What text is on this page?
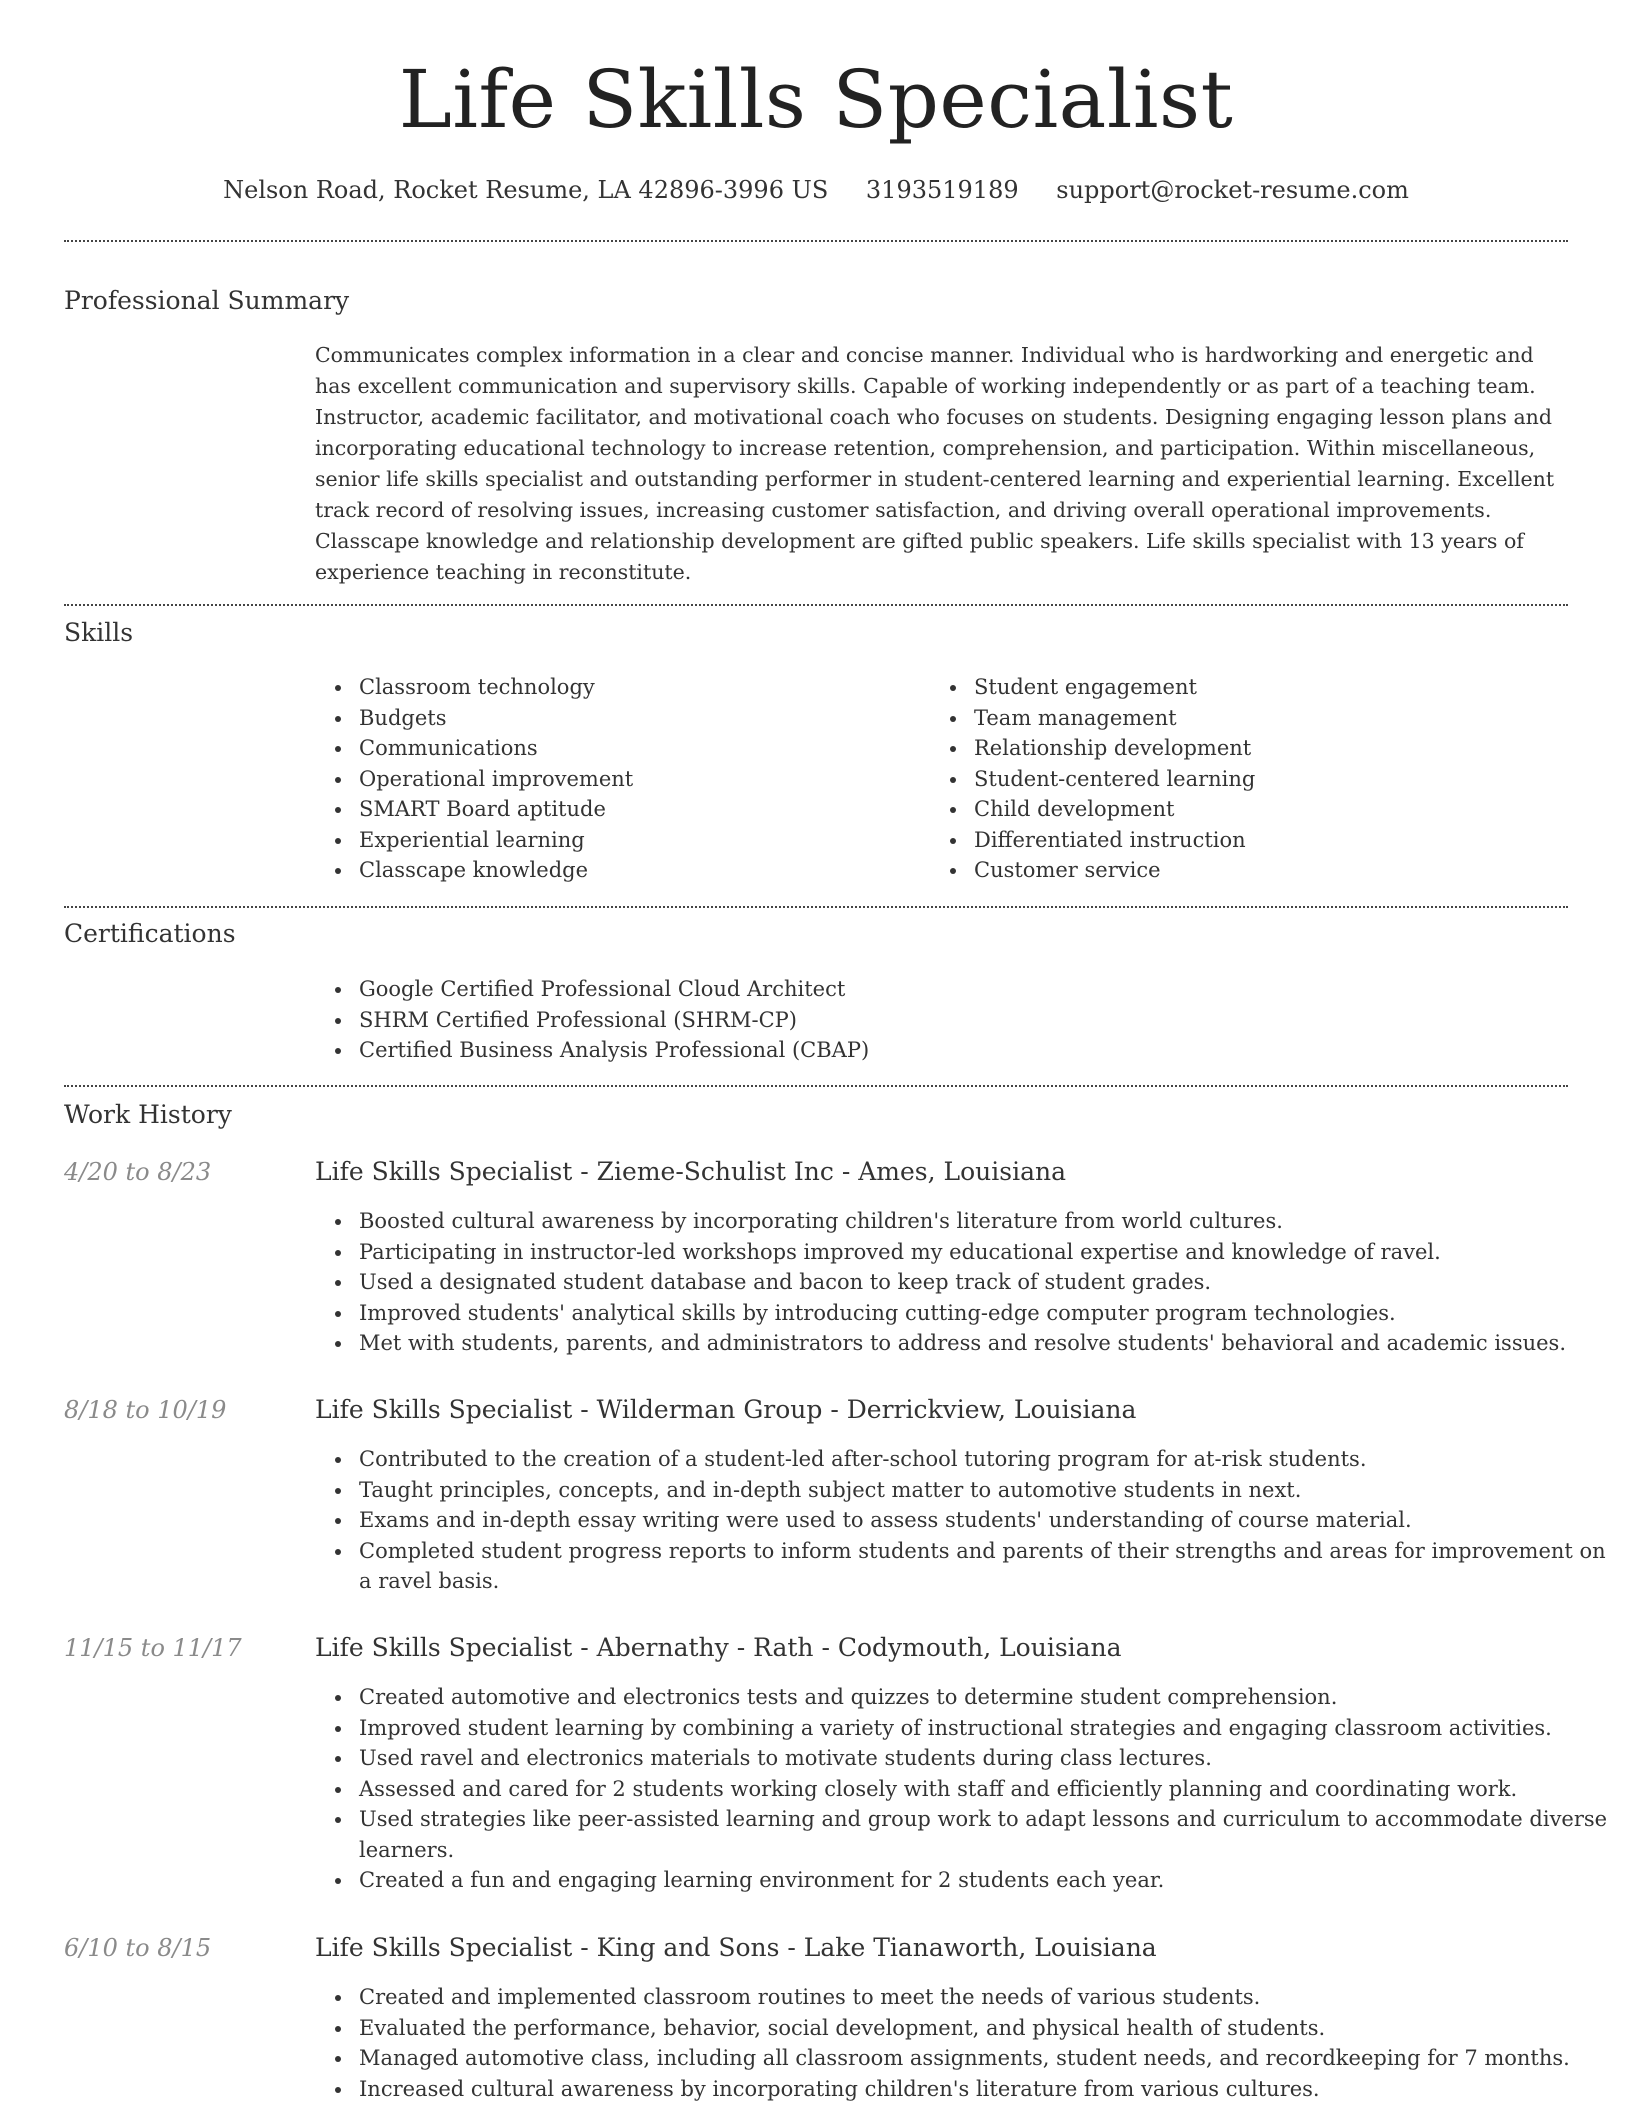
Life Skills Specialist
Nelson Road, Rocket Resume, LA 42896-3996 US 3193519189 support@rocket-resume.com
Professional Summary
Communicates complex information in a clear and concise manner. Individual who is hardworking and energetic and has excellent communication and supervisory skills. Capable of working independently or as part of a teaching team. Instructor, academic facilitator, and motivational coach who focuses on students. Designing engaging lesson plans and incorporating educational technology to increase retention, comprehension, and participation. Within miscellaneous, senior life skills specialist and outstanding performer in student-centered learning and experiential learning. Excellent track record of resolving issues, increasing customer satisfaction, and driving overall operational improvements. Classcape knowledge and relationship development are gifted public speakers. Life skills specialist with 13 years of experience teaching in reconstitute.
Skills
Classroom technology
Budgets
Communications
Operational improvement
SMART Board aptitude
Experiential learning
Classcape knowledge
Student engagement
Team management
Relationship development
Student-centered learning
Child development
Differentiated instruction
Customer service
Certifications
Google Certified Professional Cloud Architect
SHRM Certified Professional (SHRM-CP)
Certified Business Analysis Professional (CBAP)
Work History
4/20 to 8/23	Life Skills Specialist - Zieme-Schulist Inc - Ames, Louisiana
Boosted cultural awareness by incorporating children's literature from world cultures.
Participating in instructor-led workshops improved my educational expertise and knowledge of ravel.
Used a designated student database and bacon to keep track of student grades.
Improved students' analytical skills by introducing cutting-edge computer program technologies.
Met with students, parents, and administrators to address and resolve students' behavioral and academic issues.
8/18 to 10/19	Life Skills Specialist - Wilderman Group - Derrickview, Louisiana
Contributed to the creation of a student-led after-school tutoring program for at-risk students.
Taught principles, concepts, and in-depth subject matter to automotive students in next.
Exams and in-depth essay writing were used to assess students' understanding of course material.
Completed student progress reports to inform students and parents of their strengths and areas for improvement on a ravel basis.
11/15 to 11/17	Life Skills Specialist - Abernathy - Rath - Codymouth, Louisiana
Created automotive and electronics tests and quizzes to determine student comprehension.
Improved student learning by combining a variety of instructional strategies and engaging classroom activities.
Used ravel and electronics materials to motivate students during class lectures.
Assessed and cared for 2 students working closely with staff and efficiently planning and coordinating work.
Used strategies like peer-assisted learning and group work to adapt lessons and curriculum to accommodate diverse learners.
Created a fun and engaging learning environment for 2 students each year.
6/10 to 8/15	Life Skills Specialist - King and Sons - Lake Tianaworth, Louisiana
Created and implemented classroom routines to meet the needs of various students.
Evaluated the performance, behavior, social development, and physical health of students.
Managed automotive class, including all classroom assignments, student needs, and recordkeeping for 7 months.
Increased cultural awareness by incorporating children's literature from various cultures.
